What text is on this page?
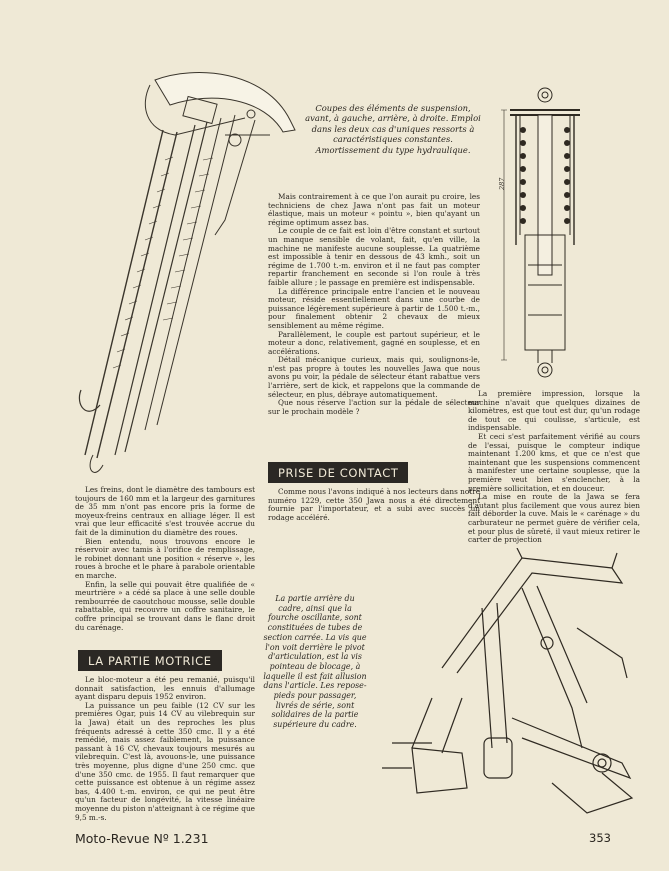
287
Coupes des éléments de suspension, avant, à gauche, arrière, à droite. Emploi dans les deux cas d'uniques ressorts à caractéristiques constantes. Amortissement du type hydraulique.

Mais contrairement à ce que l'on aurait pu croire, les techniciens de chez Jawa n'ont pas fait un moteur élastique, mais un moteur « pointu », bien qu'ayant un régime optimum assez bas.

Le couple de ce fait est loin d'être constant et surtout un manque sensible de volant, fait, qu'en ville, la machine ne manifeste aucune souplesse. La quatrième est impossible à tenir en dessous de 43 kmh., soit un régime de 1.700 t.-m. environ et il ne faut pas compter repartir franchement en seconde si l'on roule à très faible allure ; le passage en première est indispensable.

La différence principale entre l'ancien et le nouveau moteur, réside essentiellement dans une courbe de puissance légèrement supérieure à partir de 1.500 t.-m., pour finalement obtenir 2 chevaux de mieux sensiblement au même régime.

Parallèlement, le couple est partout supérieur, et le moteur a donc, relativement, gagné en souplesse, et en accélérations.

Détail mécanique curieux, mais qui, soulignons-le, n'est pas propre à toutes les nouvelles Jawa que nous avons pu voir, la pédale de sélecteur étant rabattue vers l'arrière, sert de kick, et rappelons que la commande de sélecteur, en plus, débraye automatiquement.

Que nous réserve l'action sur la pédale de sélecteur sur le prochain modèle ?

PRISE DE CONTACT

Comme nous l'avons indiqué à nos lecteurs dans notre numéro 1229, cette 350 Jawa nous a été directement fournie par l'importateur, et a subi avec succès un rodage accéléré.

Les freins, dont le diamètre des tambours est toujours de 160 mm et la largeur des garnitures de 35 mm n'ont pas encore pris la forme de moyeux-freins centraux en alliage léger. Il est vrai que leur efficacité s'est trouvée accrue du fait de la diminution du diamètre des roues.

Bien entendu, nous trouvons encore le réservoir avec tamis à l'orifice de remplissage, le robinet donnant une position « réserve », les roues à broche et le phare à parabole orientable en marche.

Enfin, la selle qui pouvait être qualifiée de « meurtrière » a cédé sa place à une selle double rembourrée de caoutchouc mousse, selle double rabattable, qui recouvre un coffre sanitaire, le coffre principal se trouvant dans le flanc droit du carénage.

LA PARTIE MOTRICE

Le bloc-moteur a été peu remanié, puisqu'il donnait satisfaction, les ennuis d'allumage ayant disparu depuis 1952 environ.

La puissance un peu faible (12 CV sur les premières Ogar, puis 14 CV au vilebrequin sur la Jawa) était un des reproches les plus fréquents adressé à cette 350 cmc. Il y a été remédié, mais assez faiblement, la puissance passant à 16 CV, chevaux toujours mesurés au vilebrequin. C'est là, avouons-le, une puissance très moyenne, plus digne d'une 250 cmc. que d'une 350 cmc. de 1955. Il faut remarquer que cette puissance est obtenue à un régime assez bas, 4.400 t.-m. environ, ce qui ne peut être qu'un facteur de longévité, la vitesse linéaire moyenne du piston n'atteignant à ce régime que 9,5 m.-s.

La partie arrière du cadre, ainsi que la fourche oscillante, sont constituées de tubes de section carrée. La vis que l'on voit derrière le pivot d'articulation, est la vis pointeau de blocage, à laquelle il est fait allusion dans l'article. Les repose-pieds pour passager, livrés de série, sont solidaires de la partie supérieure du cadre.

La première impression, lorsque la machine n'avait que quelques dizaines de kilomètres, est que tout est dur, qu'un rodage de tout ce qui coulisse, s'articule, est indispensable.

Et ceci s'est parfaitement vérifié au cours de l'essai, puisque le compteur indique maintenant 1.200 kms, et que ce n'est que maintenant que les suspensions commencent à manifester une certaine souplesse, que la première veut bien s'enclencher, à la première sollicitation, et en douceur.

La mise en route de la Jawa se fera d'autant plus facilement que vous aurez bien fait déborder la cuve. Mais le « carénage » du carburateur ne permet guère de vérifier cela, et pour plus de sûreté, il vaut mieux retirer le carter de projection

Moto-Revue Nº 1.231	353
